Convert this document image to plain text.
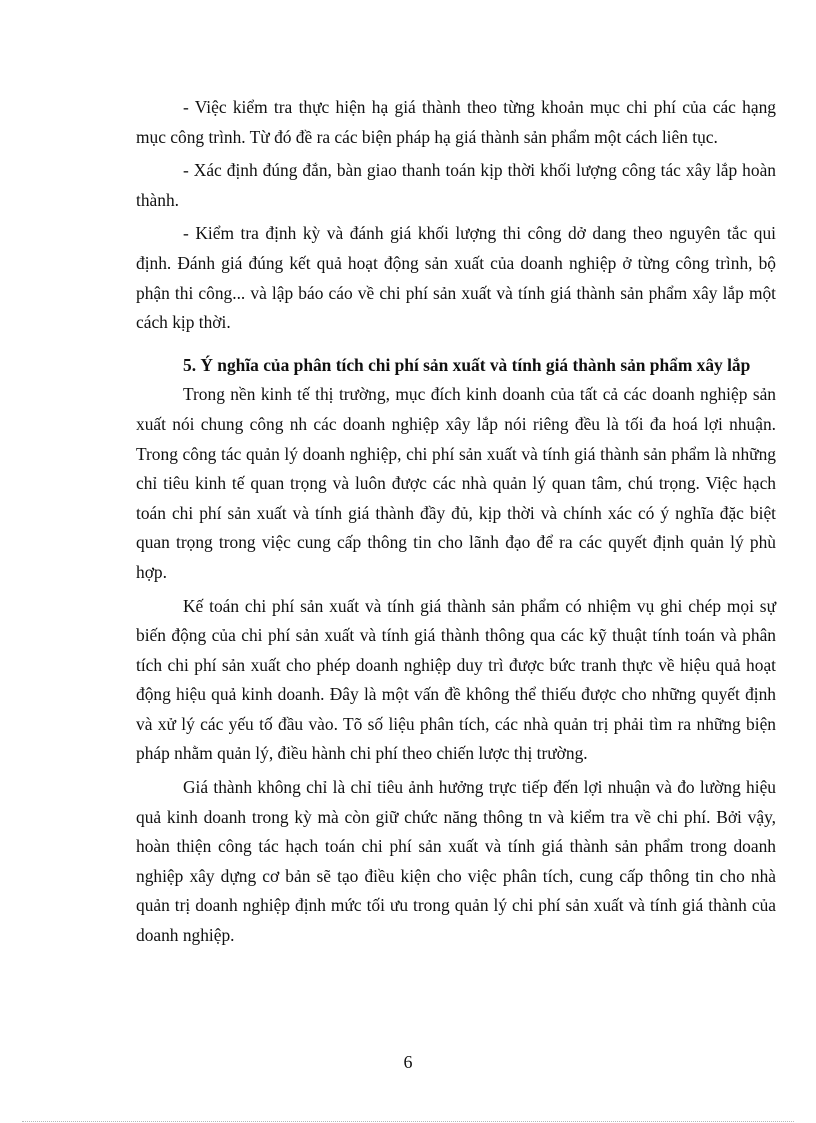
- Việc kiểm tra thực hiện hạ giá thành theo từng khoản mục chi phí của các hạng mục công trình. Từ đó đề ra các biện pháp hạ giá thành sản phẩm một cách liên tục.

- Xác định đúng đắn, bàn giao thanh toán kịp thời khối lượng công tác xây lắp hoàn thành.

- Kiểm tra định kỳ và đánh giá khối lượng thi công dở dang theo nguyên tắc qui định. Đánh giá đúng kết quả hoạt động sản xuất của doanh nghiệp ở từng công trình, bộ phận thi công... và lập báo cáo về chi phí sản xuất và tính giá thành sản phẩm xây lắp một cách kịp thời.

5. Ý nghĩa của phân tích chi phí sản xuất và tính giá thành sản phẩm xây lắp

Trong nền kinh tế thị trường, mục đích kinh doanh của tất cả các doanh nghiệp sản xuất nói chung công nh các doanh nghiệp xây lắp nói riêng đều là tối đa hoá lợi nhuận. Trong công tác quản lý doanh nghiệp, chi phí sản xuất và tính giá thành sản phẩm là những chỉ tiêu kinh tế quan trọng và luôn được các nhà quản lý quan tâm, chú trọng. Việc hạch toán chi phí sản xuất và tính giá thành đầy đủ, kịp thời và chính xác có ý nghĩa đặc biệt quan trọng trong việc cung cấp thông tin cho lãnh đạo để ra các quyết định quản lý phù hợp.

Kế toán chi phí sản xuất và tính giá thành sản phẩm có nhiệm vụ ghi chép mọi sự biến động của chi phí sản xuất và tính giá thành thông qua các kỹ thuật tính toán và phân tích chi phí sản xuất cho phép doanh nghiệp duy trì được bức tranh thực về hiệu quả hoạt động hiệu quả kinh doanh. Đây là một vấn đề không thể thiếu được cho những quyết định và xử lý các yếu tố đầu vào. Tõ số liệu phân tích, các nhà quản trị phải tìm ra những biện pháp nhằm quản lý, điều hành chi phí theo chiến lược thị trường.

Giá thành không chỉ là chỉ tiêu ảnh hưởng trực tiếp đến lợi nhuận và đo lường hiệu quả kinh doanh trong kỳ mà còn giữ chức năng thông tn và kiểm tra về chi phí. Bởi vậy, hoàn thiện công tác hạch toán chi phí sản xuất và tính giá thành sản phẩm trong doanh nghiệp xây dựng cơ bản sẽ tạo điều kiện cho việc phân tích, cung cấp thông tin cho nhà quản trị doanh nghiệp định mức tối ưu trong quản lý chi phí sản xuất và tính giá thành của doanh nghiệp.

6
